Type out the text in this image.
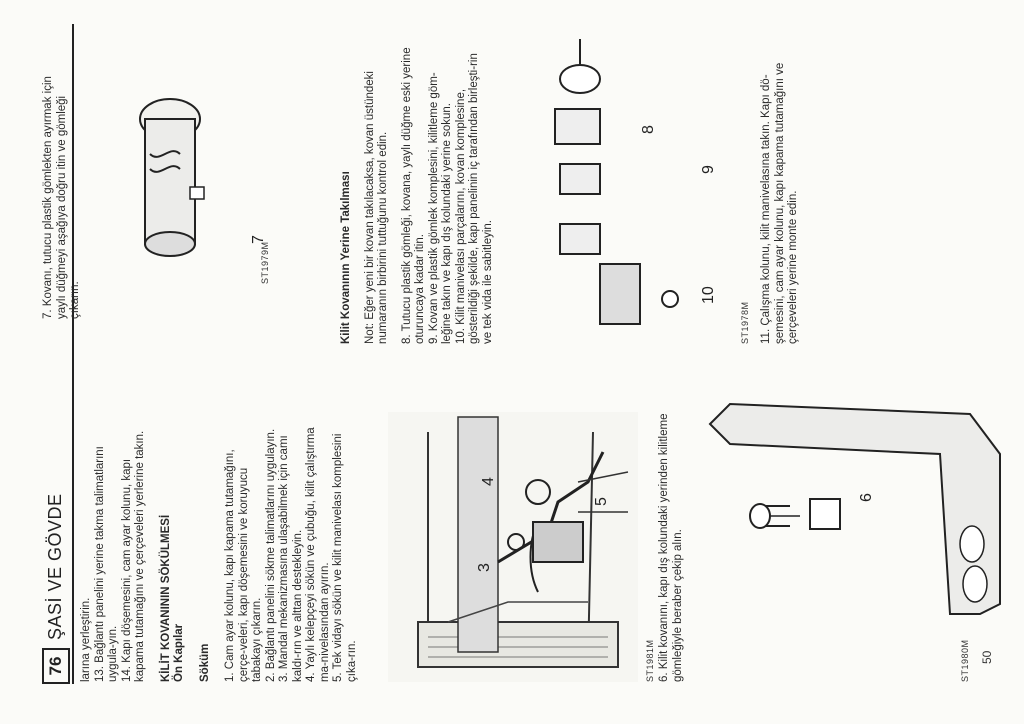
76
ŞASİ VE GÖVDE larına yerleştirin. 13. Bağlantı panelini yerine takma talimatlarını uygula-yın. 14. Kapı döşemesini, cam ayar kolunu, kapı kapama tutamağını ve çerçeveleri yerlerine takın. KİLİT KOVANININ SÖKÜLMESİ Ön Kapılar Söküm 1. Cam ayar kolunu, kapı kapama tutamağını, çerçe-veleri, kapı döşemesini ve koruyucu tabakayı çıkarın. 2. Bağlantı panelini sökme talimatlarını uygulayın. 3. Mandal mekanizmasına ulaşabilmek için camı kaldı-rın ve alttan destekleyin. 4. Yaylı kelepçeyi sökün ve çubuğu, kilit çalıştırma ma-nivelasından ayırın. 5. Tek vidayı sökün ve kilit manivelası komplesini çıka-rın.

3
4
5
ST1981M 6. Kilit kovanını, kapı dış kolundaki yerinden kilitleme gömleğiyle beraber çekip alın.
6
ST1980M
7. Kovanı, tutucu plastik gömlekten ayırmak için yaylı düğmeyi aşağıya doğru itin ve gömleği çıkarın.
7
ST1979M	Kilit Kovanının Yerine Takılması Not: Eğer yeni bir kovan takılacaksa, kovan üstündeki numaranın birbirini tuttuğunu kontrol edin. 8. Tutucu plastik gömleği, kovana, yaylı düğme eski yerine oturuncaya kadar itin. 9. Kovan ve plastik gömlek komplesini, kilitleme göm-leğine takın ve kapı dış kolundaki yerine sokun. 10. Kilit manivelası parçalarını, kovan komplesine, gösterildiği şekilde, kapı panelinin iç tarafından birleşti-rin ve tek vida ile sabitleyin.	10
9
8
ST1978M 11. Çalışma kolunu, kilit manivelasına takın. Kapı dö-şemesini, cam ayar kolunu, kapı kapama tutamağını ve çerçeveleri yerine monte edin.
50
